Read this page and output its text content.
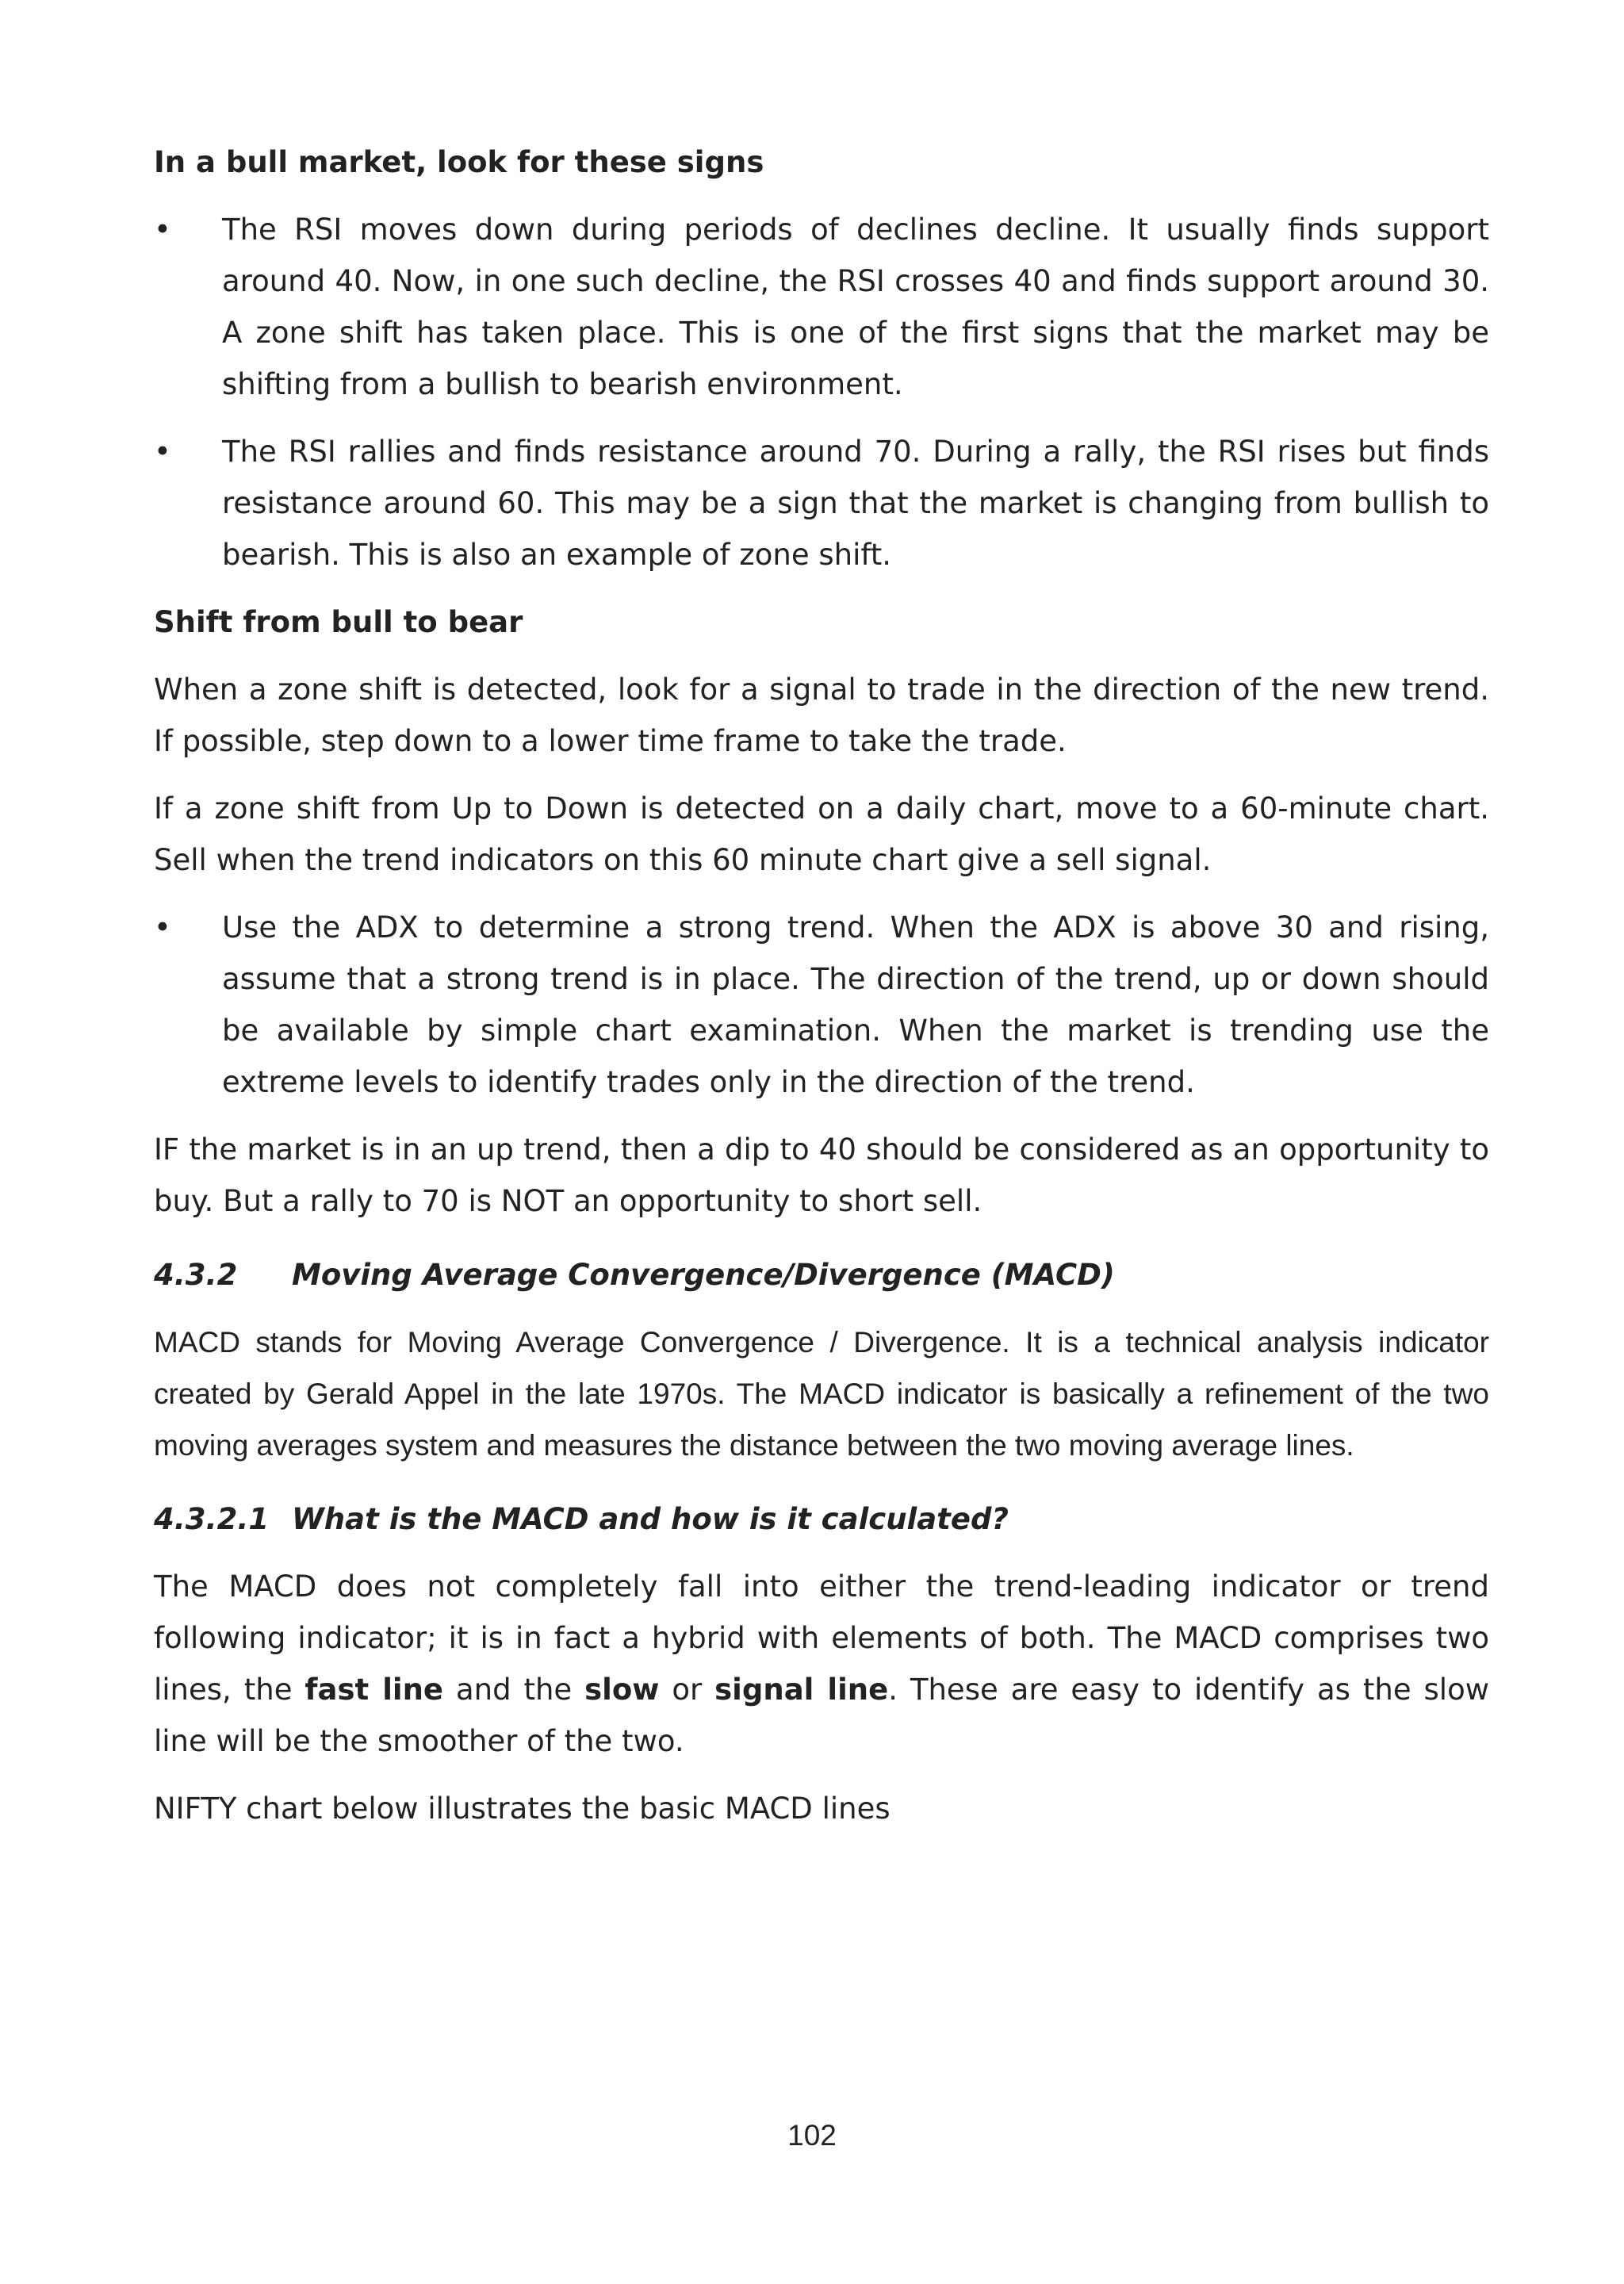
In a bull market, look for these signs

• The RSI moves down during periods of declines decline. It usually finds support around 40. Now, in one such decline, the RSI crosses 40 and finds support around 30. A zone shift has taken place. This is one of the first signs that the market may be shifting from a bullish to bearish environment.
• The RSI rallies and finds resistance around 70. During a rally, the RSI rises but finds resistance around 60. This may be a sign that the market is changing from bullish to bearish. This is also an example of zone shift.

Shift from bull to bear

When a zone shift is detected, look for a signal to trade in the direction of the new trend. If possible, step down to a lower time frame to take the trade.

If a zone shift from Up to Down is detected on a daily chart, move to a 60-minute chart. Sell when the trend indicators on this 60 minute chart give a sell signal.

• Use the ADX to determine a strong trend. When the ADX is above 30 and rising, assume that a strong trend is in place. The direction of the trend, up or down should be available by simple chart examination. When the market is trending use the extreme levels to identify trades only in the direction of the trend.

IF the market is in an up trend, then a dip to 40 should be considered as an opportunity to buy. But a rally to 70 is NOT an opportunity to short sell.

4.3.2 Moving Average Convergence/Divergence (MACD)

MACD stands for Moving Average Convergence / Divergence. It is a technical analysis indicator created by Gerald Appel in the late 1970s. The MACD indicator is basically a refinement of the two moving averages system and measures the distance between the two moving average lines.

4.3.2.1 What is the MACD and how is it calculated?

The MACD does not completely fall into either the trend-leading indicator or trend following indicator; it is in fact a hybrid with elements of both. The MACD comprises two lines, the fast line and the slow or signal line. These are easy to identify as the slow line will be the smoother of the two.

NIFTY chart below illustrates the basic MACD lines

102
